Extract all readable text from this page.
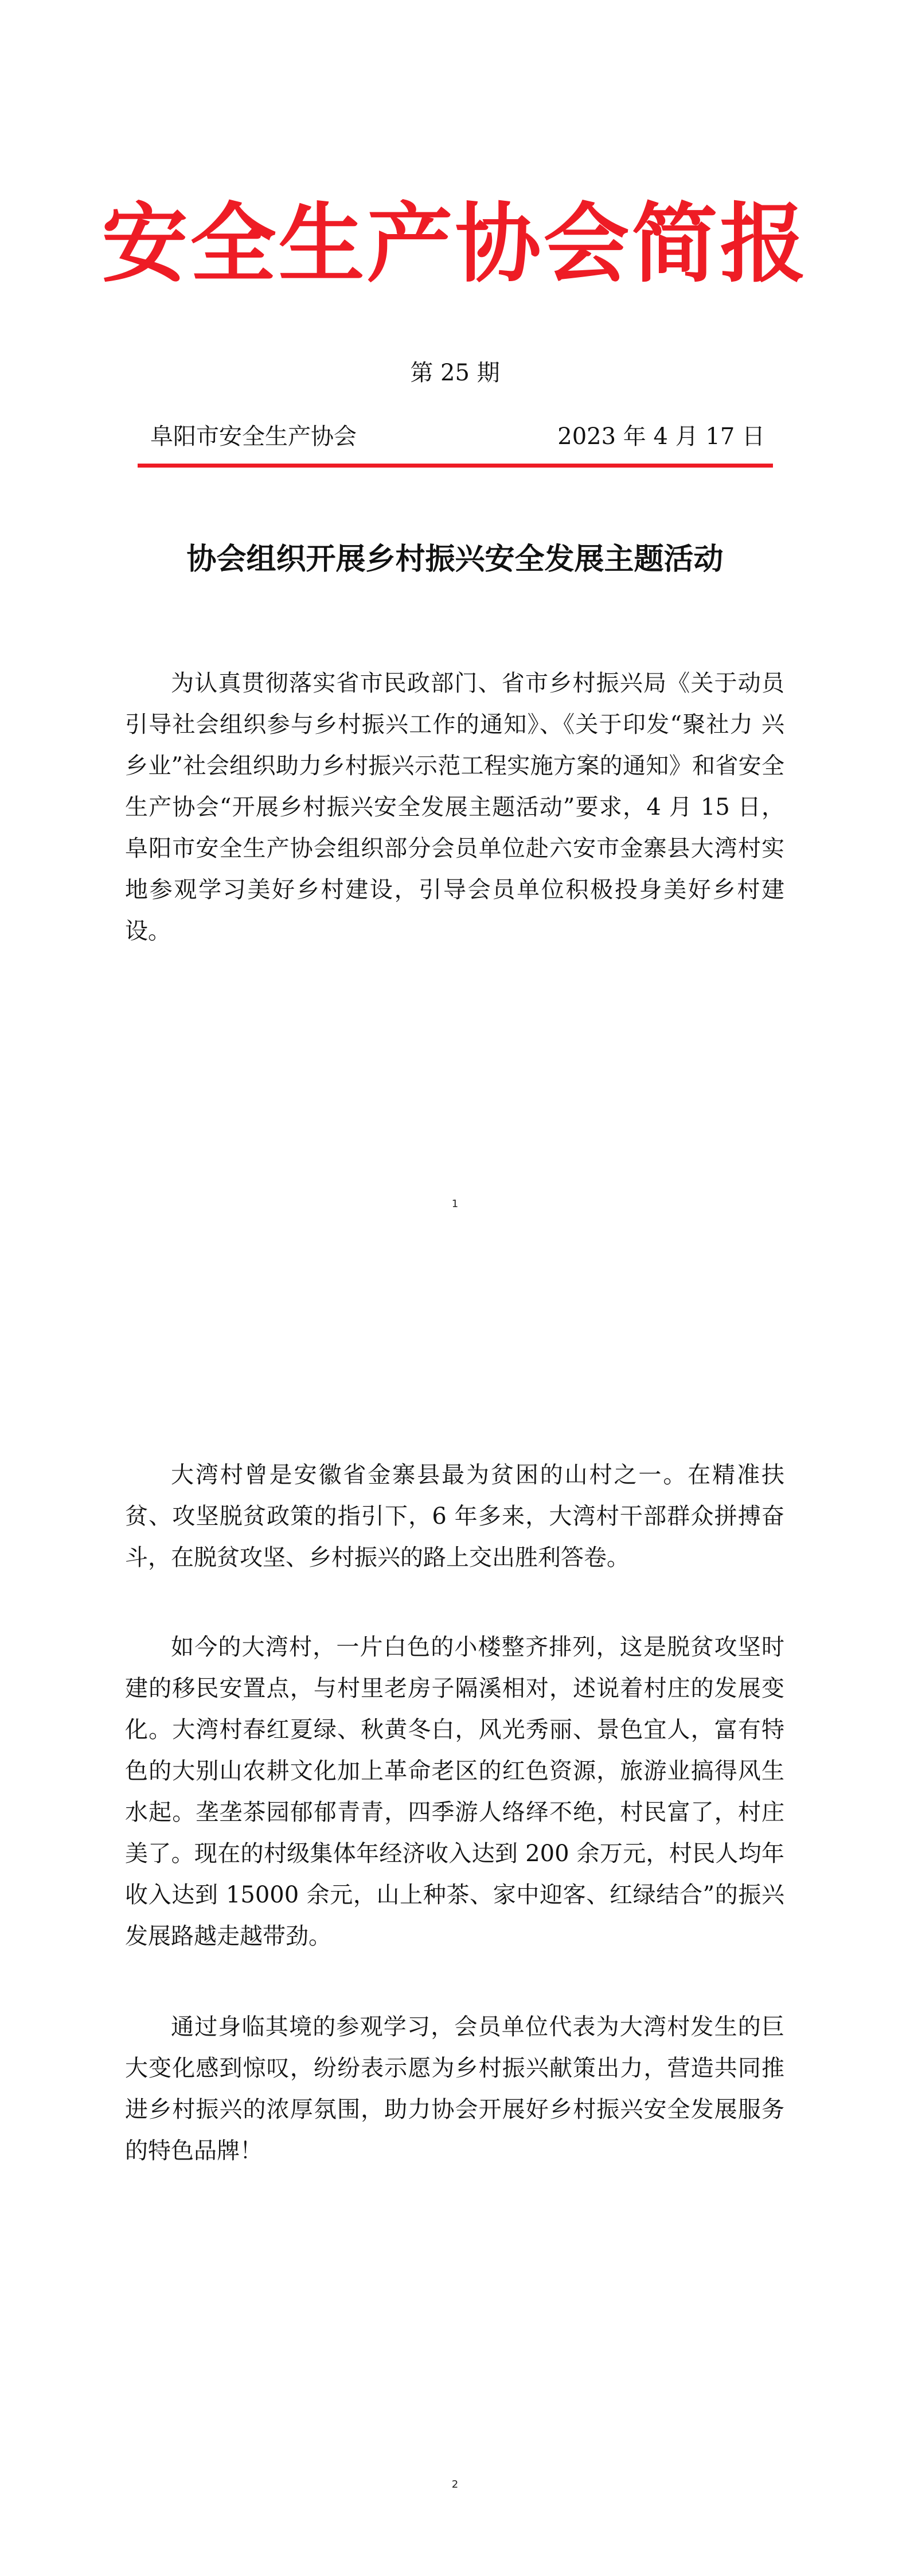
安全生产协会简报
第 25 期
阜阳市安全生产协会	2023 年 4 月 17 日
协会组织开展乡村振兴安全发展主题活动

为认真贯彻落实省市民政部门、省市乡村振兴局《关于动员引导社会组织参与乡村振兴工作的通知》、《关于印发“聚社力 兴乡业”社会组织助力乡村振兴示范工程实施方案的通知》和省安全生产协会“开展乡村振兴安全发展主题活动”要求，4 月 15 日，阜阳市安全生产协会组织部分会员单位赴六安市金寨县大湾村实地参观学习美好乡村建设，引导会员单位积极投身美好乡村建设。

1

大湾村曾是安徽省金寨县最为贫困的山村之一。在精准扶贫、攻坚脱贫政策的指引下，6 年多来，大湾村干部群众拼搏奋斗，在脱贫攻坚、乡村振兴的路上交出胜利答卷。

如今的大湾村，一片白色的小楼整齐排列，这是脱贫攻坚时建的移民安置点，与村里老房子隔溪相对，述说着村庄的发展变化。大湾村春红夏绿、秋黄冬白，风光秀丽、景色宜人，富有特色的大别山农耕文化加上革命老区的红色资源，旅游业搞得风生水起。垄垄茶园郁郁青青，四季游人络绎不绝，村民富了，村庄美了。现在的村级集体年经济收入达到 200 余万元，村民人均年收入达到 15000 余元，山上种茶、家中迎客、红绿结合”的振兴发展路越走越带劲。

通过身临其境的参观学习，会员单位代表为大湾村发生的巨大变化感到惊叹，纷纷表示愿为乡村振兴献策出力，营造共同推进乡村振兴的浓厚氛围，助力协会开展好乡村振兴安全发展服务的特色品牌！

2
